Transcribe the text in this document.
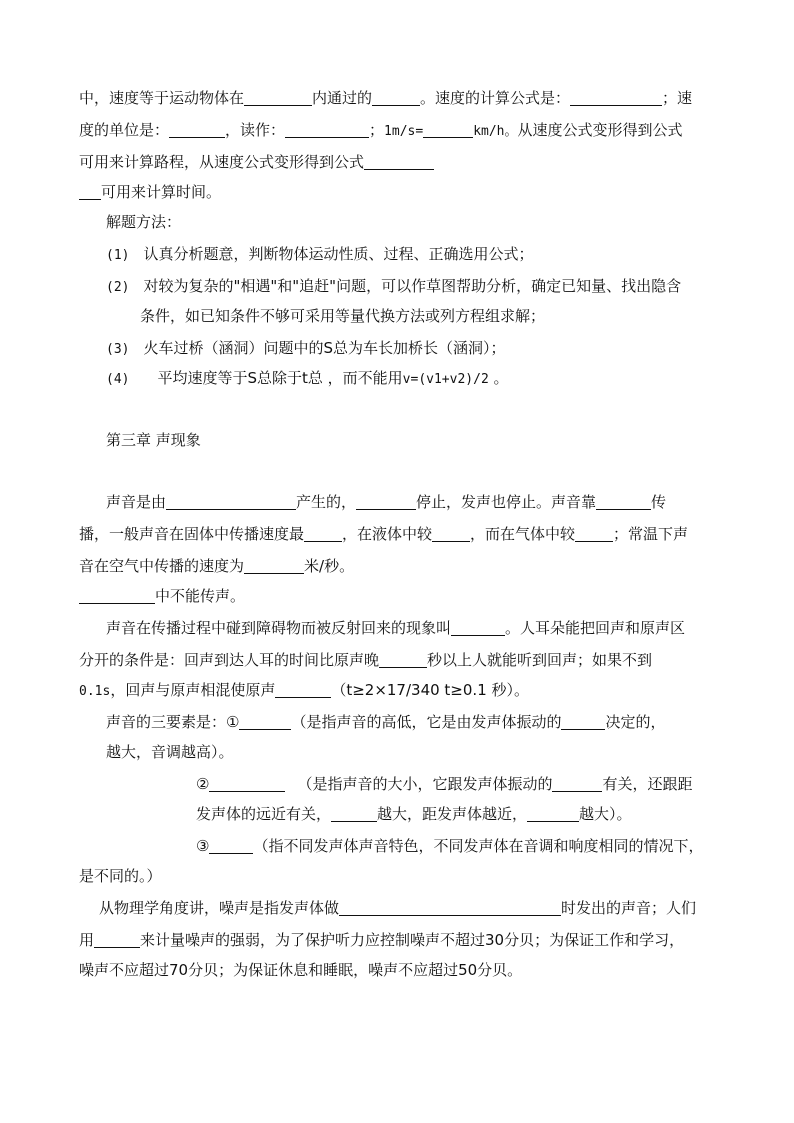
中，速度等于运动物体在	内通过的	。速度的计算公式是：	；速
度的单位是：	，读作：	；1m/s=	km/h。从速度公式变形得到公式
可用来计算路程，从速度公式变形得到公式
可用来计算时间。
解题方法：
(1) 认真分析题意，判断物体运动性质、过程、正确选用公式；
(2) 对较为复杂的"相遇"和"追赶"问题，可以作草图帮助分析，确定已知量、找出隐含
条件，如已知条件不够可采用等量代换方法或列方程组求解；
(3) 火车过桥（涵洞）问题中的S总为车长加桥长（涵洞）；
(4) 平均速度等于S总除于t总 ，而不能用v=(v1+v2)/2 。
第三章 声现象
声音是由	产生的，	停止，发声也停止。声音靠	传
播，一般声音在固体中传播速度最	，在液体中较	，而在气体中较	；常温下声
音在空气中传播的速度为	米/秒。
中不能传声。
声音在传播过程中碰到障碍物而被反射回来的现象叫	。人耳朵能把回声和原声区
分开的条件是：回声到达人耳的时间比原声晚	秒以上人就能听到回声；如果不到
0.1s，回声与原声相混使原声	（t≥2×17/340 t≥0.1 秒）。
声音的三要素是：①	（是指声音的高低，它是由发声体振动的	决定的，
越大，音调越高）。
②	（是指声音的大小，它跟发声体振动的	有关，还跟距
发声体的远近有关，	越大，距发声体越近，	越大）。
③	（指不同发声体声音特色，不同发声体在音调和响度相同的情况下，
是不同的。）
从物理学角度讲，噪声是指发声体做	时发出的声音；人们
用	来计量噪声的强弱，为了保护听力应控制噪声不超过30分贝；为保证工作和学习，
噪声不应超过70分贝；为保证休息和睡眠，噪声不应超过50分贝。
